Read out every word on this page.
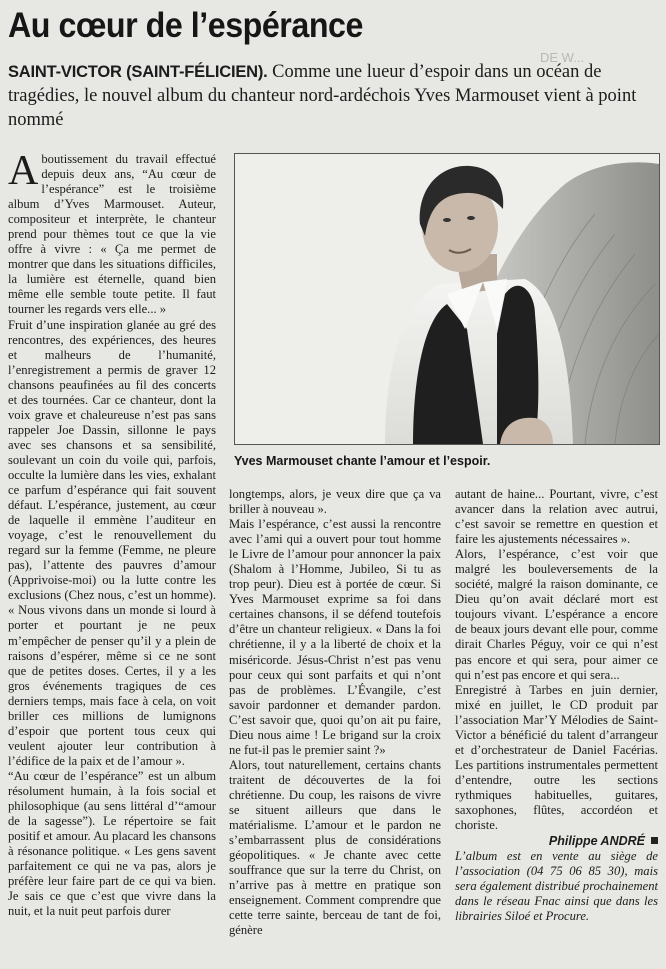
Au cœur de l’espérance
DE W...
SAINT-VICTOR (SAINT-FÉLICIEN). Comme une lueur d’espoir dans un océan de tragédies, le nouvel album du chanteur nord-ardéchois Yves Marmouset vient à point nommé

Aboutissement du travail effectué depuis deux ans, “Au cœur de l’espérance” est le troisième album d’Yves Marmouset. Auteur, compositeur et interprète, le chanteur prend pour thèmes tout ce que la vie offre à vivre : « Ça me permet de montrer que dans les situations difficiles, la lumière est éternelle, quand bien même elle semble toute petite. Il faut tourner les regards vers elle... »

Fruit d’une inspiration glanée au gré des rencontres, des expériences, des heures et malheurs de l’humanité, l’enregistrement a permis de graver 12 chansons peaufinées au fil des concerts et des tournées. Car ce chanteur, dont la voix grave et chaleureuse n’est pas sans rappeler Joe Dassin, sillonne le pays avec ses chansons et sa sensibilité, soulevant un coin du voile qui, parfois, occulte la lumière dans les vies, exhalant ce parfum d’espérance qui fait souvent défaut. L’espérance, justement, au cœur de laquelle il emmène l’auditeur en voyage, c’est le renouvellement du regard sur la femme (Femme, ne pleure pas), l’attente des pauvres d’amour (Apprivoise-moi) ou la lutte contre les exclusions (Chez nous, c’est un homme). « Nous vivons dans un monde si lourd à porter et pourtant je ne peux m’empêcher de penser qu’il y a plein de raisons d’espérer, même si ce ne sont que de petites doses. Certes, il y a les gros événements tragiques de ces derniers temps, mais face à cela, on voit briller ces millions de lumignons d’espoir que portent tous ceux qui veulent ajouter leur contribution à l’édifice de la paix et de l’amour ».

“Au cœur de l’espérance” est un album résolument humain, à la fois social et philosophique (au sens littéral d’“amour de la sagesse”). Le répertoire se fait positif et amour. Au placard les chansons à résonance politique. « Les gens savent parfaitement ce qui ne va pas, alors je préfère leur faire part de ce qui va bien. Je sais ce que c’est que vivre dans la nuit, et la nuit peut parfois durer

Yves Marmouset chante l’amour et l’espoir.

longtemps, alors, je veux dire que ça va briller à nouveau ».

Mais l’espérance, c’est aussi la rencontre avec l’ami qui a ouvert pour tout homme le Livre de l’amour pour annoncer la paix (Shalom à l’Homme, Jubileo, Si tu as trop peur). Dieu est à portée de cœur. Si Yves Marmouset exprime sa foi dans certaines chansons, il se défend toutefois d’être un chanteur religieux. « Dans la foi chrétienne, il y a la liberté de choix et la miséricorde. Jésus-Christ n’est pas venu pour ceux qui sont parfaits et qui n’ont pas de problèmes. L’Évangile, c’est savoir pardonner et demander pardon. C’est savoir que, quoi qu’on ait pu faire, Dieu nous aime ! Le brigand sur la croix ne fut-il pas le premier saint ?»

Alors, tout naturellement, certains chants traitent de découvertes de la foi chrétienne. Du coup, les raisons de vivre se situent ailleurs que dans le matérialisme. L’amour et le pardon ne s’embarrassent plus de considérations géopolitiques. « Je chante avec cette souffrance que sur la terre du Christ, on n’arrive pas à mettre en pratique son enseignement. Comment comprendre que cette terre sainte, berceau de tant de foi, génère

autant de haine... Pourtant, vivre, c’est avancer dans la relation avec autrui, c’est savoir se remettre en question et faire les ajustements nécessaires ».

Alors, l’espérance, c’est voir que malgré les bouleversements de la société, malgré la raison dominante, ce Dieu qu’on avait déclaré mort est toujours vivant. L’espérance a encore de beaux jours devant elle pour, comme dirait Charles Péguy, voir ce qui n’est pas encore et qui sera, pour aimer ce qui n’est pas encore et qui sera...

Enregistré à Tarbes en juin dernier, mixé en juillet, le CD produit par l’association Mar’Y Mélodies de Saint-Victor a bénéficié du talent d’arrangeur et d’orchestrateur de Daniel Facérias. Les partitions instrumentales permettent d’entendre, outre les sections rythmiques habituelles, guitares, saxophones, flûtes, accordéon et choriste.

Philippe ANDRÉ

L’album est en vente au siège de l’association (04 75 06 85 30), mais sera également distribué prochainement dans le réseau Fnac ainsi que dans les librairies Siloé et Procure.
